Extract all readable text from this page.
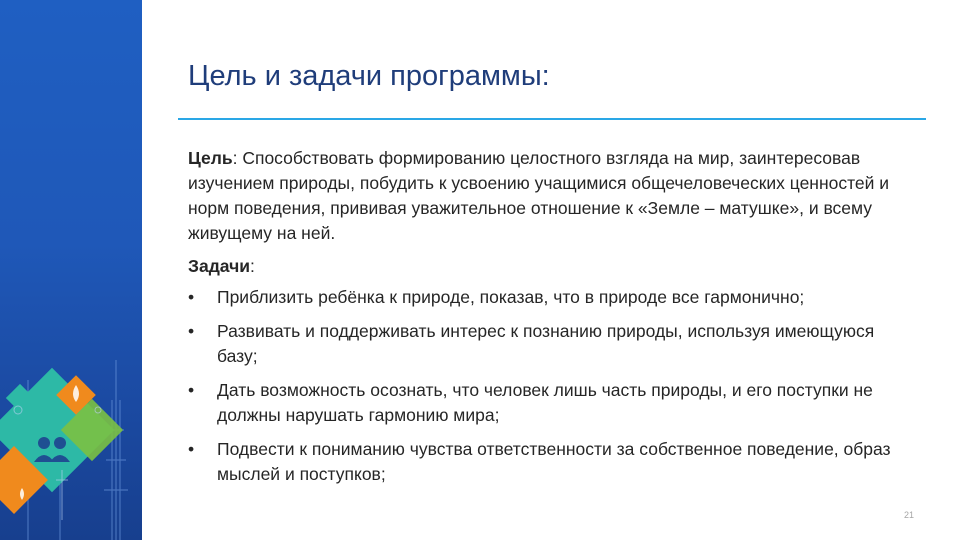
Цель и задачи программы:

Цель: Способствовать формированию целостного взгляда на мир, заинтересовав изучением природы, побудить к усвоению учащимися общечеловеческих ценностей и норм поведения, прививая уважительное отношение к «Земле – матушке», и всему живущему на ней.

Задачи:

• Приблизить ребёнка к природе, показав, что в природе все гармонично;
• Развивать и поддерживать интерес к познанию природы, используя имеющуюся базу;
• Дать возможность осознать, что человек лишь часть природы, и его поступки не должны нарушать гармонию мира;
• Подвести к пониманию чувства ответственности за собственное поведение, образ мыслей и поступков;
21
